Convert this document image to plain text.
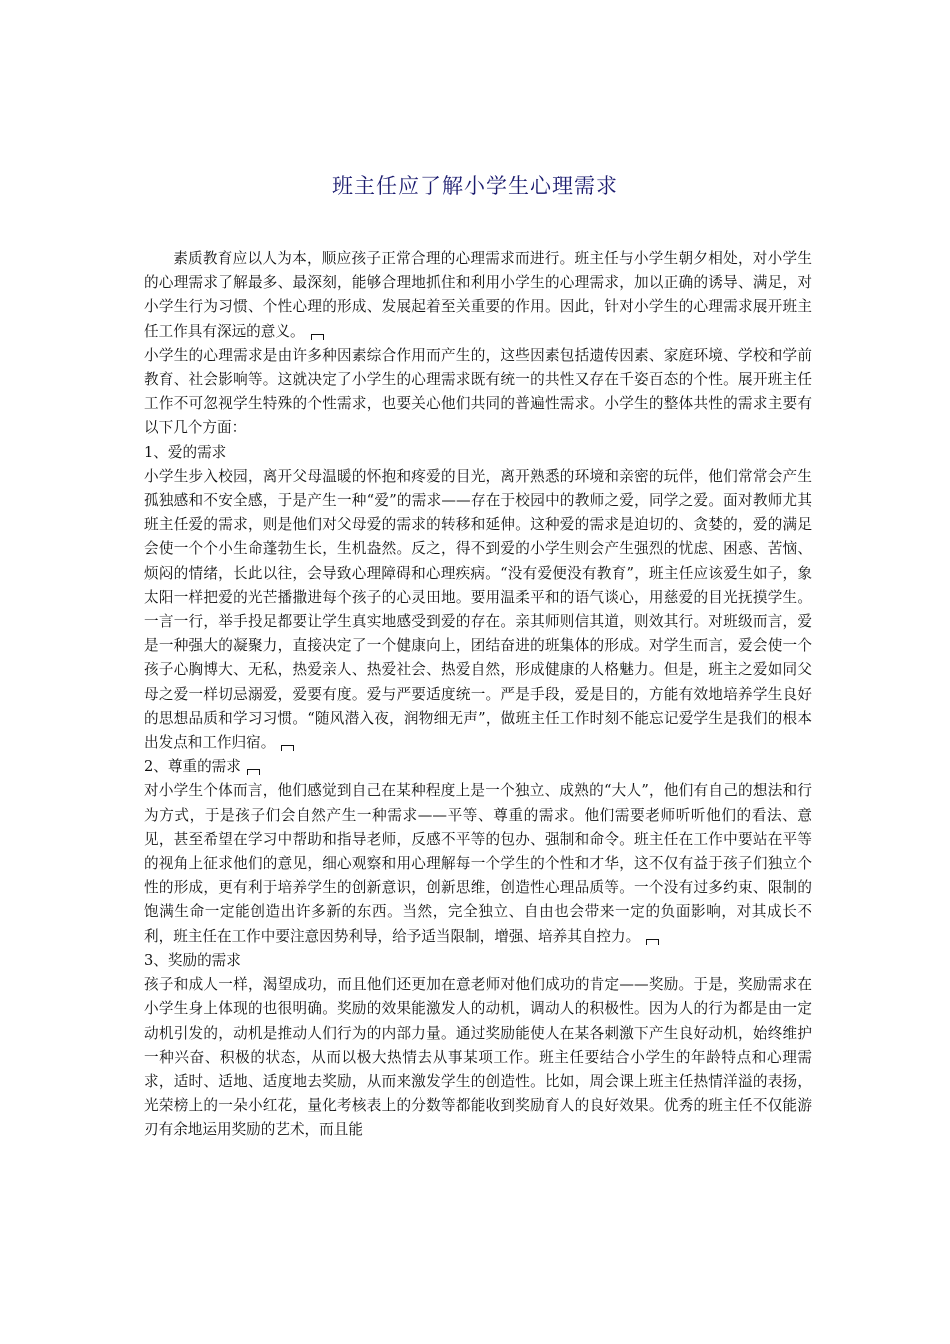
班主任应了解小学生心理需求

素质教育应以人为本，顺应孩子正常合理的心理需求而进行。班主任与小学生朝夕相处，对小学生的心理需求了解最多、最深刻，能够合理地抓住和利用小学生的心理需求，加以正确的诱导、满足，对小学生行为习惯、个性心理的形成、发展起着至关重要的作用。因此，针对小学生的心理需求展开班主任工作具有深远的意义。

小学生的心理需求是由许多种因素综合作用而产生的，这些因素包括遗传因素、家庭环境、学校和学前教育、社会影响等。这就决定了小学生的心理需求既有统一的共性又存在千姿百态的个性。展开班主任工作不可忽视学生特殊的个性需求，也要关心他们共同的普遍性需求。小学生的整体共性的需求主要有以下几个方面：

1、爱的需求

小学生步入校园，离开父母温暖的怀抱和疼爱的目光，离开熟悉的环境和亲密的玩伴，他们常常会产生孤独感和不安全感，于是产生一种“爱”的需求——存在于校园中的教师之爱，同学之爱。面对教师尤其班主任爱的需求，则是他们对父母爱的需求的转移和延伸。这种爱的需求是迫切的、贪婪的，爱的满足会使一个个小生命蓬勃生长，生机盎然。反之，得不到爱的小学生则会产生强烈的忧虑、困惑、苦恼、烦闷的情绪，长此以往，会导致心理障碍和心理疾病。“没有爱便没有教育”，班主任应该爱生如子，象太阳一样把爱的光芒播撒进每个孩子的心灵田地。要用温柔平和的语气谈心，用慈爱的目光抚摸学生。一言一行，举手投足都要让学生真实地感受到爱的存在。亲其师则信其道，则效其行。对班级而言，爱是一种强大的凝聚力，直接决定了一个健康向上，团结奋进的班集体的形成。对学生而言，爱会使一个孩子心胸博大、无私，热爱亲人、热爱社会、热爱自然，形成健康的人格魅力。但是，班主之爱如同父母之爱一样切忌溺爱，爱要有度。爱与严要适度统一。严是手段，爱是目的，方能有效地培养学生良好的思想品质和学习习惯。“随风潜入夜，润物细无声”，做班主任工作时刻不能忘记爱学生是我们的根本出发点和工作归宿。

2、尊重的需求

对小学生个体而言，他们感觉到自己在某种程度上是一个独立、成熟的“大人”，他们有自己的想法和行为方式，于是孩子们会自然产生一种需求——平等、尊重的需求。他们需要老师听听他们的看法、意见，甚至希望在学习中帮助和指导老师，反感不平等的包办、强制和命令。班主任在工作中要站在平等的视角上征求他们的意见，细心观察和用心理解每一个学生的个性和才华，这不仅有益于孩子们独立个性的形成，更有利于培养学生的创新意识，创新思维，创造性心理品质等。一个没有过多约束、限制的饱满生命一定能创造出许多新的东西。当然，完全独立、自由也会带来一定的负面影响，对其成长不利，班主任在工作中要注意因势利导，给予适当限制，增强、培养其自控力。

3、奖励的需求

孩子和成人一样，渴望成功，而且他们还更加在意老师对他们成功的肯定——奖励。于是，奖励需求在小学生身上体现的也很明确。奖励的效果能激发人的动机，调动人的积极性。因为人的行为都是由一定动机引发的，动机是推动人们行为的内部力量。通过奖励能使人在某各刺激下产生良好动机，始终维护一种兴奋、积极的状态，从而以极大热情去从事某项工作。班主任要结合小学生的年龄特点和心理需求，适时、适地、适度地去奖励，从而来激发学生的创造性。比如，周会课上班主任热情洋溢的表扬，光荣榜上的一朵小红花，量化考核表上的分数等都能收到奖励育人的良好效果。优秀的班主任不仅能游刃有余地运用奖励的艺术，而且能
